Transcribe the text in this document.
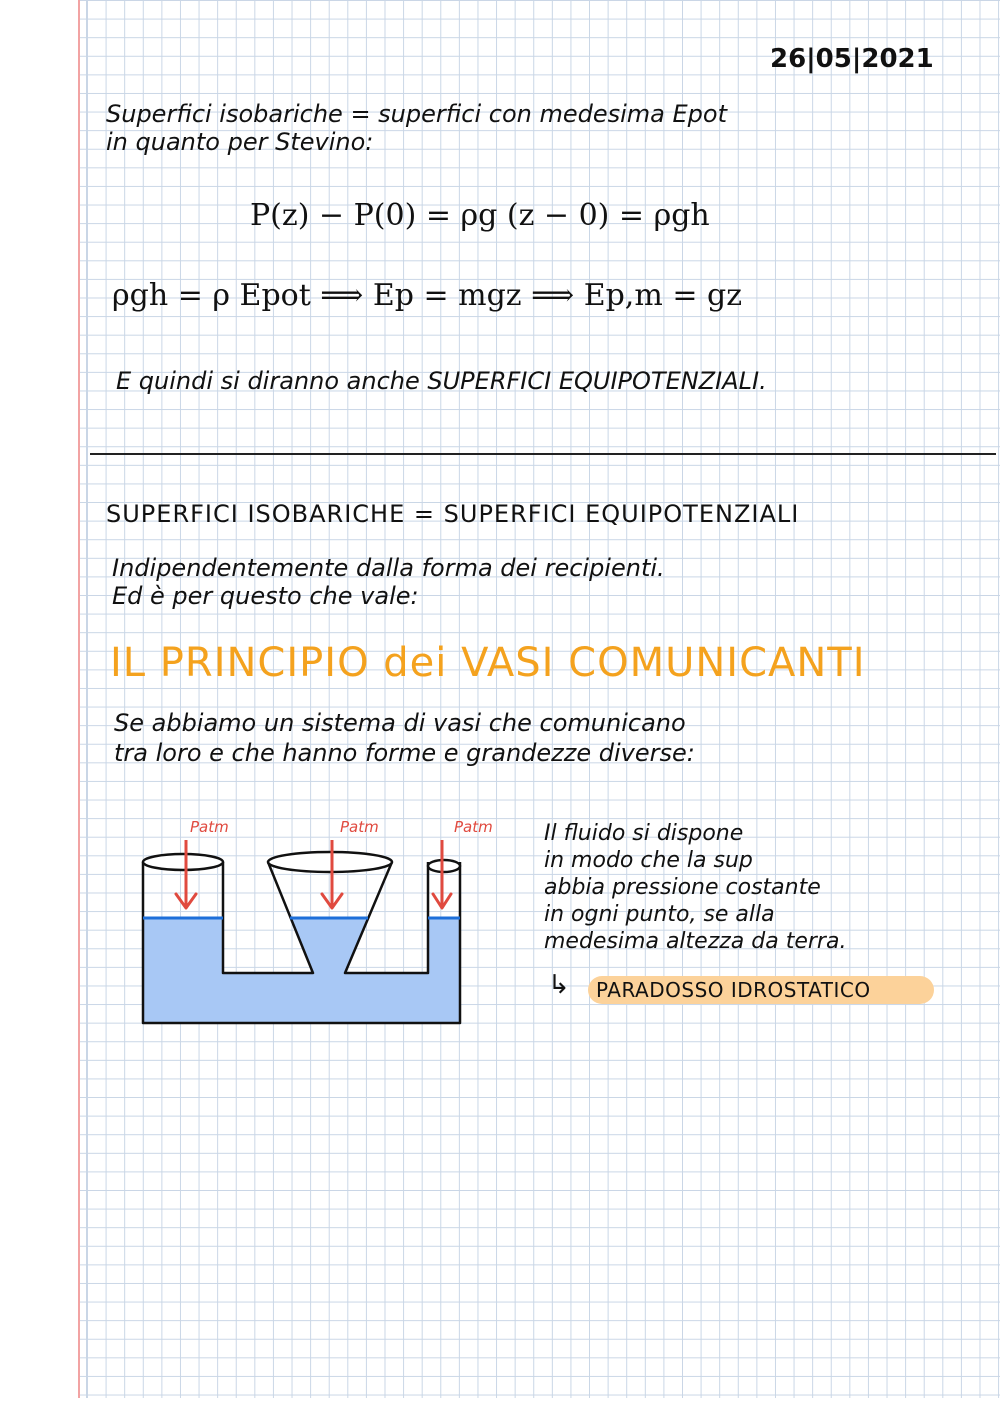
26|05|2021
Superfici isobariche = superfici con medesima Epot
in quanto per Stevino:
P(z) − P(0) = ρg (z − 0) = ρgh
ρgh = ρ Epot ⟹ Ep = mgz ⟹ Ep,m = gz
E quindi si diranno anche SUPERFICI EQUIPOTENZIALI.
SUPERFICI ISOBARICHE = SUPERFICI EQUIPOTENZIALI
Indipendentemente dalla forma dei recipienti.
Ed è per questo che vale:
IL PRINCIPIO dei VASI COMUNICANTI
Se abbiamo un sistema di vasi che comunicano
tra loro e che hanno forme e grandezze diverse:
Patm	Patm	Patm Il fluido si dispone
in modo che la sup
abbia pressione costante
in ogni punto, se alla
medesima altezza da terra.
↳ PARADOSSO IDROSTATICO
